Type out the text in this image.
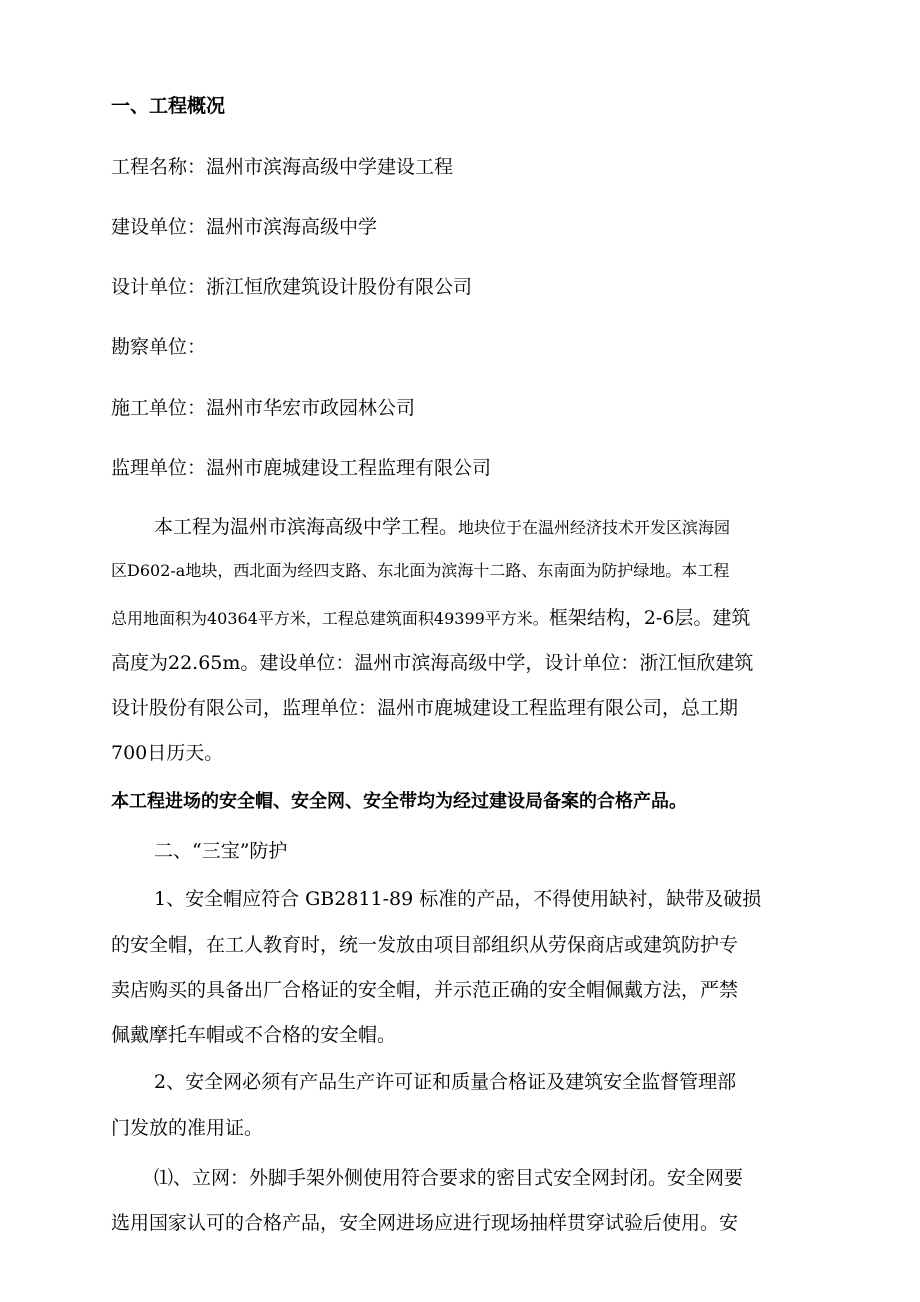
一、工程概况
工程名称：温州市滨海高级中学建设工程
建设单位：温州市滨海高级中学
设计单位：浙江恒欣建筑设计股份有限公司
勘察单位：
施工单位：温州市华宏市政园林公司
监理单位：温州市鹿城建设工程监理有限公司
本工程为温州市滨海高级中学工程。地块位于在温州经济技术开发区滨海园
区D602-a地块，西北面为经四支路、东北面为滨海十二路、东南面为防护绿地。本工程
总用地面积为40364平方米，工程总建筑面积49399平方米。框架结构，2-6层。建筑
高度为22.65m。建设单位：温州市滨海高级中学，设计单位：浙江恒欣建筑
设计股份有限公司，监理单位：温州市鹿城建设工程监理有限公司，总工期
700日历天。
本工程进场的安全帽、安全网、安全带均为经过建设局备案的合格产品。
二、“三宝”防护
1、安全帽应符合 GB2811-89 标准的产品，不得使用缺衬，缺带及破损
的安全帽，在工人教育时，统一发放由项目部组织从劳保商店或建筑防护专
卖店购买的具备出厂合格证的安全帽，并示范正确的安全帽佩戴方法，严禁
佩戴摩托车帽或不合格的安全帽。
2、安全网必须有产品生产许可证和质量合格证及建筑安全监督管理部
门发放的准用证。
⑴、立网：外脚手架外侧使用符合要求的密目式安全网封闭。安全网要
选用国家认可的合格产品，安全网进场应进行现场抽样贯穿试验后使用。安
